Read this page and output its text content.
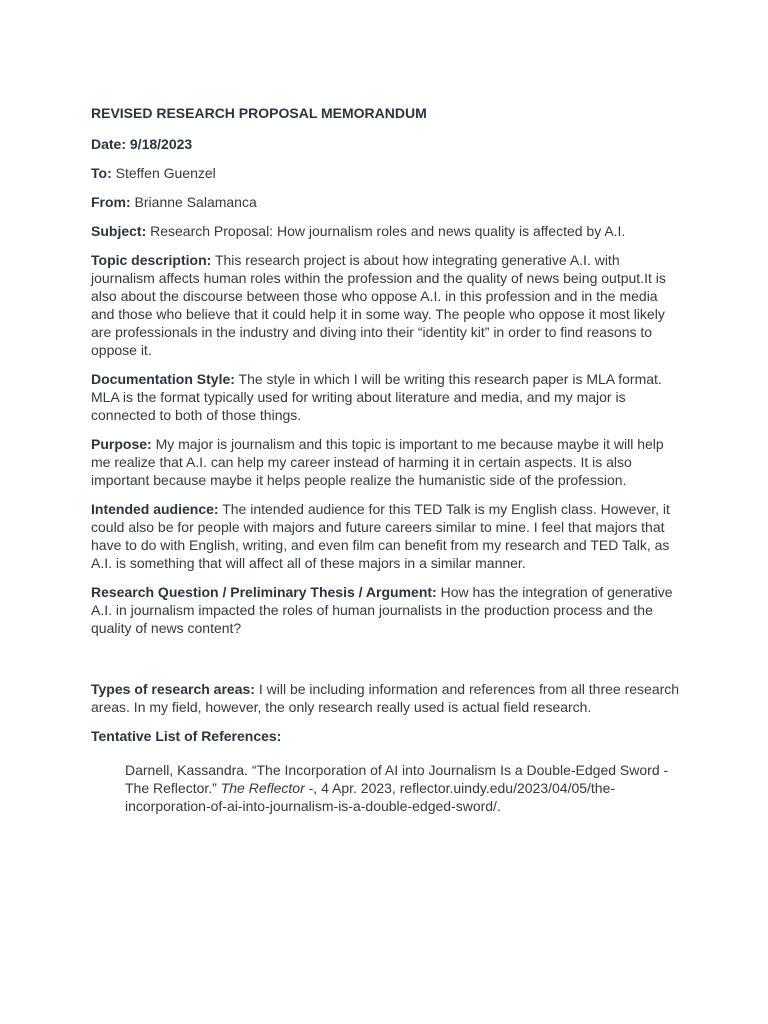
REVISED RESEARCH PROPOSAL MEMORANDUM
Date: 9/18/2023
To: Steffen Guenzel
From: Brianne Salamanca
Subject: Research Proposal: How journalism roles and news quality is affected by A.I.
Topic description: This research project is about how integrating generative A.I. with journalism affects human roles within the profession and the quality of news being output.It is also about the discourse between those who oppose A.I. in this profession and in the media and those who believe that it could help it in some way. The people who oppose it most likely are professionals in the industry and diving into their “identity kit” in order to find reasons to oppose it.
Documentation Style: The style in which I will be writing this research paper is MLA format. MLA is the format typically used for writing about literature and media, and my major is connected to both of those things.
Purpose: My major is journalism and this topic is important to me because maybe it will help me realize that A.I. can help my career instead of harming it in certain aspects. It is also important because maybe it helps people realize the humanistic side of the profession.
Intended audience: The intended audience for this TED Talk is my English class. However, it could also be for people with majors and future careers similar to mine. I feel that majors that have to do with English, writing, and even film can benefit from my research and TED Talk, as A.I. is something that will affect all of these majors in a similar manner.
Research Question / Preliminary Thesis / Argument: How has the integration of generative A.I. in journalism impacted the roles of human journalists in the production process and the quality of news content?
Types of research areas: I will be including information and references from all three research areas. In my field, however, the only research really used is actual field research.
Tentative List of References:
Darnell, Kassandra. “The Incorporation of AI into Journalism Is a Double-Edged Sword - The Reflector.” The Reflector -, 4 Apr. 2023, reflector.uindy.edu/2023/04/05/the-incorporation-of-ai-into-journalism-is-a-double-edged-sword/.
